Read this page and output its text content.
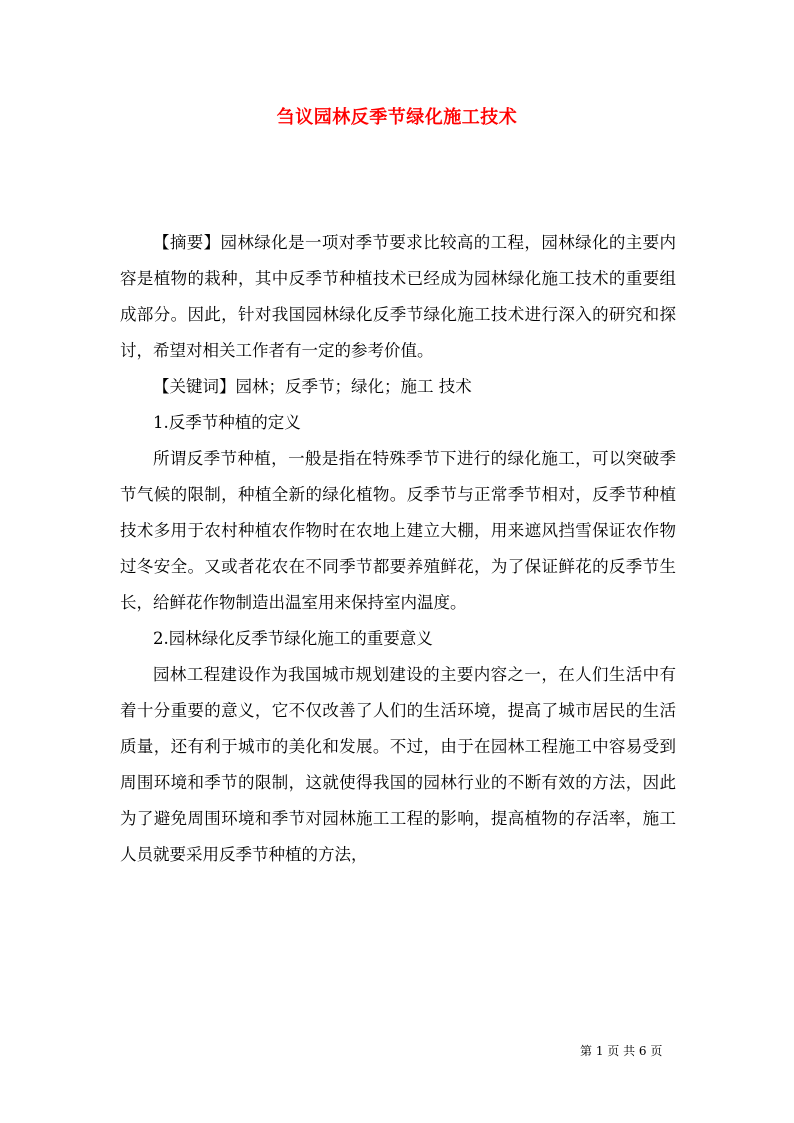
刍议园林反季节绿化施工技术

【摘要】园林绿化是一项对季节要求比较高的工程，园林绿化的主要内容是植物的栽种，其中反季节种植技术已经成为园林绿化施工技术的重要组成部分。因此，针对我国园林绿化反季节绿化施工技术进行深入的研究和探讨，希望对相关工作者有一定的参考价值。

【关键词】园林；反季节；绿化；施工 技术

1.反季节种植的定义

所谓反季节种植，一般是指在特殊季节下进行的绿化施工，可以突破季节气候的限制，种植全新的绿化植物。反季节与正常季节相对，反季节种植技术多用于农村种植农作物时在农地上建立大棚，用来遮风挡雪保证农作物过冬安全。又或者花农在不同季节都要养殖鲜花，为了保证鲜花的反季节生长，给鲜花作物制造出温室用来保持室内温度。

2.园林绿化反季节绿化施工的重要意义

园林工程建设作为我国城市规划建设的主要内容之一，在人们生活中有着十分重要的意义，它不仅改善了人们的生活环境，提高了城市居民的生活质量，还有利于城市的美化和发展。不过，由于在园林工程施工中容易受到周围环境和季节的限制，这就使得我国的园林行业的不断有效的方法，因此为了避免周围环境和季节对园林施工工程的影响，提高植物的存活率，施工人员就要采用反季节种植的方法，

第 1 页 共 6 页
